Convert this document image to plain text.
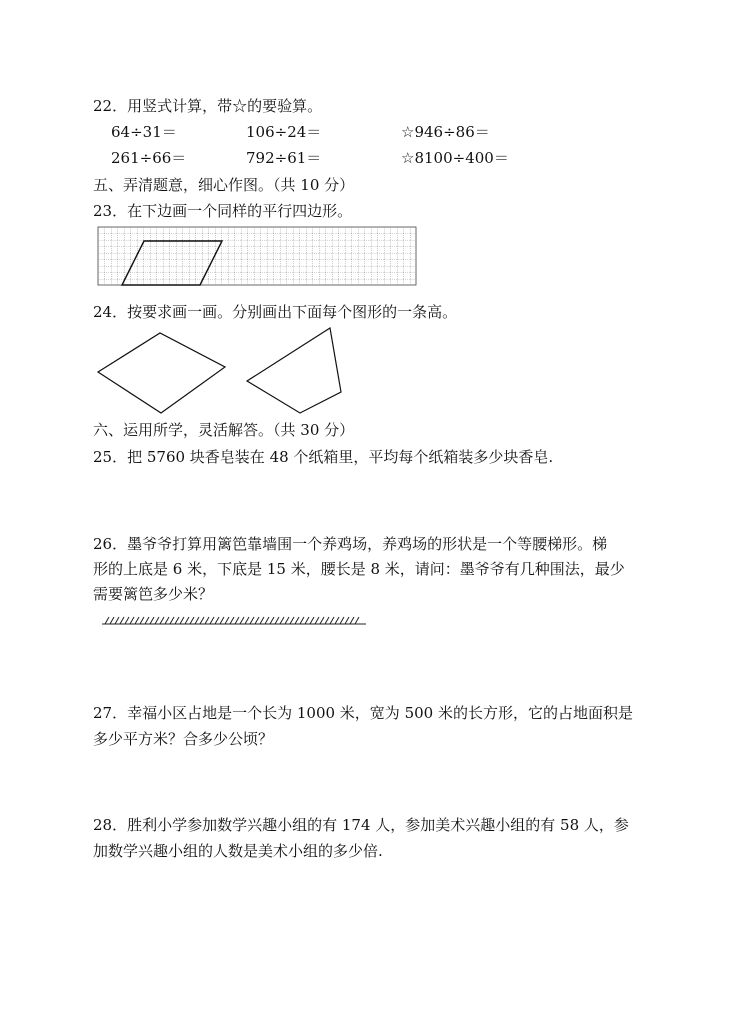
22．用竖式计算，带☆的要验算。
64÷31＝	106÷24＝	☆946÷86＝
261÷66＝	792÷61＝	☆8100÷400＝
五、弄清题意，细心作图。（共 10 分）
23．在下边画一个同样的平行四边形。
24．按要求画一画。分别画出下面每个图形的一条高。
六、运用所学，灵活解答。（共 30 分）
25．把 5760 块香皂装在 48 个纸箱里，平均每个纸箱装多少块香皂.
26．墨爷爷打算用篱笆靠墙围一个养鸡场，养鸡场的形状是一个等腰梯形。梯
形的上底是 6 米，下底是 15 米，腰长是 8 米，请问：墨爷爷有几种围法，最少
需要篱笆多少米？
27．幸福小区占地是一个长为 1000 米，宽为 500 米的长方形，它的占地面积是
多少平方米？合多少公顷？
28．胜利小学参加数学兴趣小组的有 174 人，参加美术兴趣小组的有 58 人，参
加数学兴趣小组的人数是美术小组的多少倍.
